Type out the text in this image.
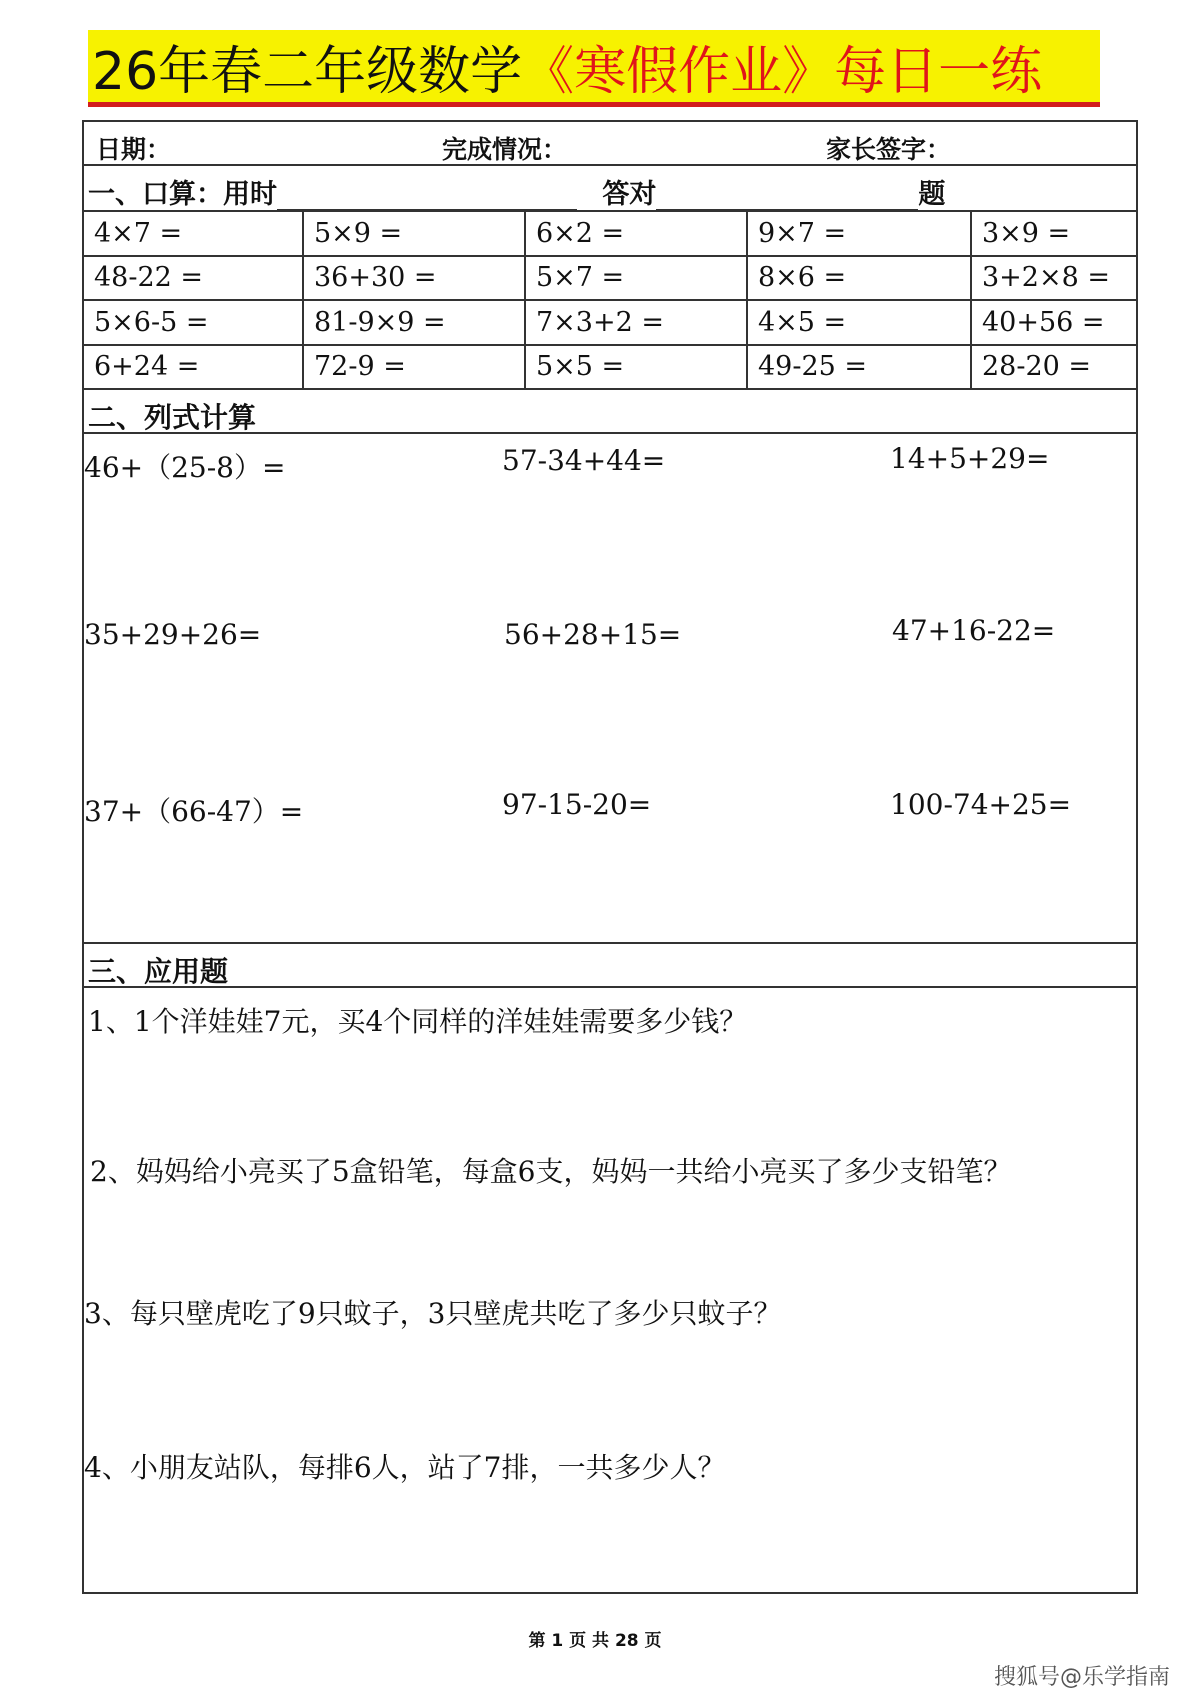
26年春二年级数学 《寒假作业》每日一练
日期：	完成情况：	家长签字：
一、口算：用时	答对	题
4×7 =	5×9 =	6×2 =	9×7 =	3×9 =
48-22 =	36+30 =	5×7 =	8×6 =	3+2×8 =
5×6-5 =	81-9×9 =	7×3+2 =	4×5 =	40+56 =
6+24 =	72-9 =	5×5 =	49-25 =	28-20 =
二、列式计算
46+（25-8）=	57-34+44=	14+5+29=
35+29+26=	56+28+15=	47+16-22=
37+（66-47）=	97-15-20=	100-74+25=
三、应用题
1、1个洋娃娃7元，买4个同样的洋娃娃需要多少钱？
2、妈妈给小亮买了5盒铅笔，每盒6支，妈妈一共给小亮买了多少支铅笔？
3、每只壁虎吃了9只蚊子，3只壁虎共吃了多少只蚊子？
4、小朋友站队，每排6人，站了7排，一共多少人？
第 1 页 共 28 页
搜狐号@乐学指南
